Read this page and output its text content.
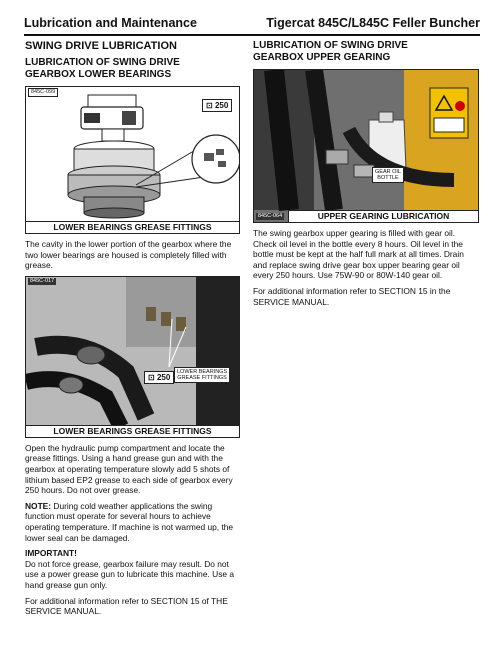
Lubrication and Maintenance	Tigercat 845C/L845C Feller Buncher
SWING DRIVE LUBRICATION
LUBRICATION OF SWING DRIVE
GEARBOX LOWER BEARINGS
845C-099
⊡ 250
LOWER BEARINGS GREASE FITTINGS

The cavity in the lower portion of the gearbox where the two lower bearings are housed is completely filled with grease.

845C-017
⊡ 250
LOWER BEARINGS
GREASE FITTINGS
LOWER BEARINGS GREASE FITTINGS

Open the hydraulic pump compartment and locate the grease fittings. Using a hand grease gun and with the gearbox at operating temperature slowly add 5 shots of lithium based EP2 grease to each side of gearbox every 250 hours. Do not over grease.

NOTE: During cold weather applications the swing function must operate for several hours to achieve operating temperature. If machine is not warmed up, the lower seal can be damaged.

IMPORTANT!

Do not force grease, gearbox failure may result. Do not use a power grease gun to lubricate this machine. Use a hand grease gun only.

For additional information refer to SECTION 15 of THE SERVICE MANUAL.

LUBRICATION OF SWING DRIVE
GEARBOX UPPER GEARING
GEAR OIL
BOTTLE
845C-064	UPPER GEARING LUBRICATION

The swing gearbox upper gearing is filled with gear oil. Check oil level in the bottle every 8 hours. Oil level in the bottle must be kept at the half full mark at all times. Drain and replace swing drive gear box upper bearing gear oil every 250 hours. Use 75W-90 or 80W-140 gear oil.

For additional information refer to SECTION 15 in the SERVICE MANUAL.
